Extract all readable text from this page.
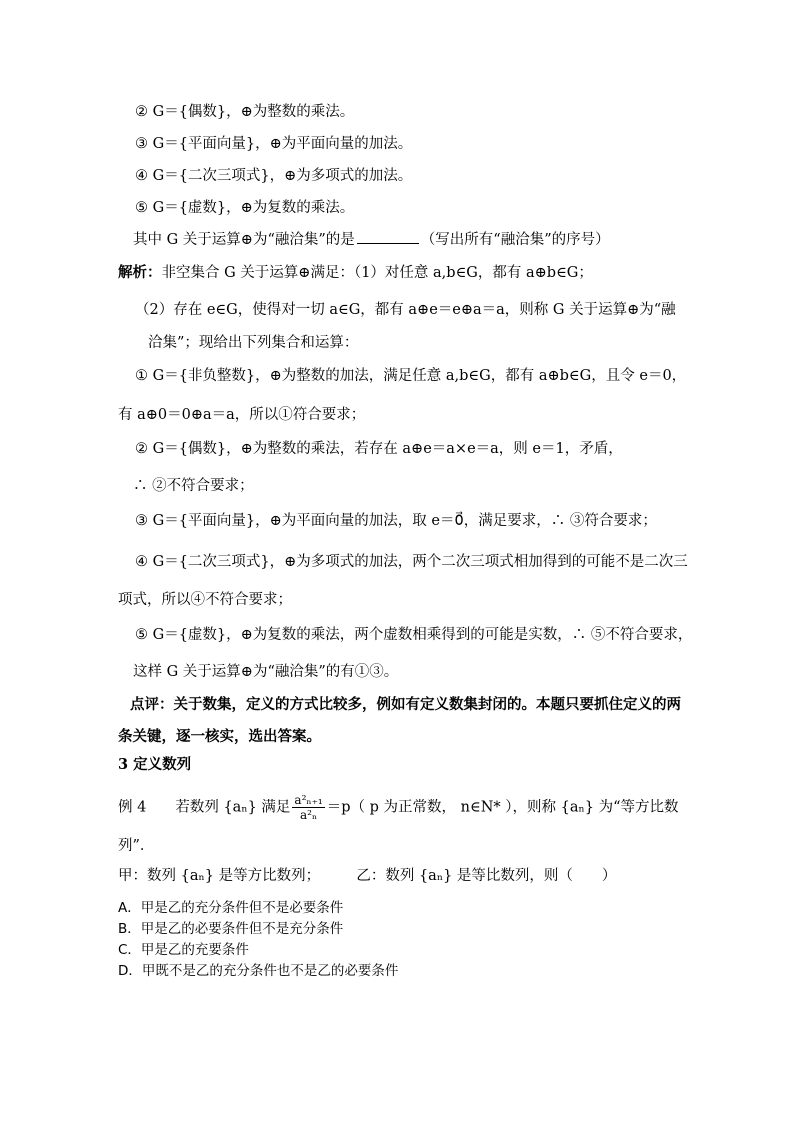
② G＝{偶数}，⊕为整数的乘法。
③ G＝{平面向量}，⊕为平面向量的加法。
④ G＝{二次三项式}，⊕为多项式的加法。
⑤ G＝{虚数}，⊕为复数的乘法。
其中 G 关于运算⊕为“融洽集”的是	（写出所有“融洽集”的序号）
解析：非空集合 G 关于运算⊕满足：（1）对任意 a,b∈G，都有 a⊕b∈G；
（2）存在 e∈G，使得对一切 a∈G，都有 a⊕e＝e⊕a＝a，则称 G 关于运算⊕为“融
洽集”；现给出下列集合和运算：
① G＝{非负整数}，⊕为整数的加法，满足任意 a,b∈G，都有 a⊕b∈G，且令 e＝0，
有 a⊕0＝0⊕a＝a，所以①符合要求；
② G＝{偶数}，⊕为整数的乘法，若存在 a⊕e＝a×e＝a，则 e＝1，矛盾，
∴ ②不符合要求；
③ G＝{平面向量}，⊕为平面向量的加法，取 e＝0⃗，满足要求，∴ ③符合要求；
④ G＝{二次三项式}，⊕为多项式的加法，两个二次三项式相加得到的可能不是二次三
项式，所以④不符合要求；
⑤ G＝{虚数}，⊕为复数的乘法，两个虚数相乘得到的可能是实数，∴ ⑤不符合要求，
这样 G 关于运算⊕为“融洽集”的有①③。
点评：关于数集，定义的方式比较多，例如有定义数集封闭的。本题只要抓住定义的两
条关键，逐一核实，选出答案。
3 定义数列
例 4　　若数列 {aₙ} 满足 $\frac{\text{a²ₙ₊₁}}{\text{a²ₙ}} =p$（ p 为正常数， n∈N* ），则称 {aₙ} 为“等方比数
列”．
甲：数列 {aₙ} 是等方比数列；　　　乙：数列 {aₙ} 是等比数列，则（　　）
A．甲是乙的充分条件但不是必要条件
B．甲是乙的必要条件但不是充分条件
C．甲是乙的充要条件
D．甲既不是乙的充分条件也不是乙的必要条件
